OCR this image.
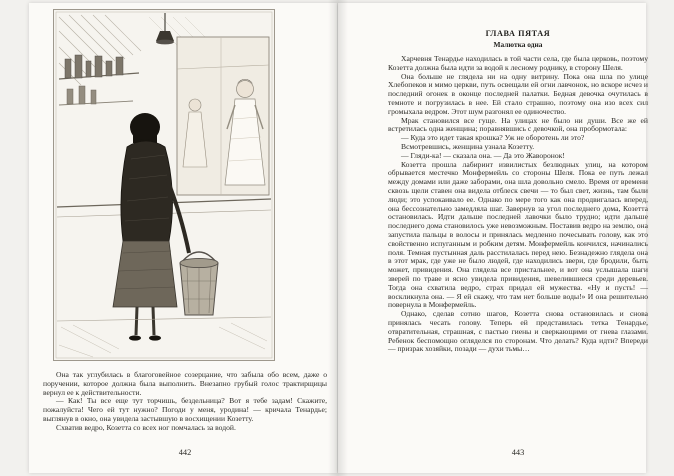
Она так углубилась в благоговейное созерцание, что забыла обо всем, даже о поручении, которое должна была выполнить. Внезапно грубый голос трактирщицы вернул ее к действительности.

— Как! Ты все еще тут торчишь, бездельница? Вот я тебе задам! Скажите, пожалуйста! Чего ей тут нужно? Погоди у меня, уродина! — кричала Тенардье; выглянув в окно, она увидела застывшую в восхищении Козетту.

Схватив ведро, Козетта со всех ног помчалась за водой.

442
ГЛАВА ПЯТАЯ
Малютка одна

Харчевня Тенардье находилась в той части села, где была церковь, поэтому Козетта должна была идти за водой к лесному роднику, в сторону Шеля.

Она больше не глядела ни на одну витрину. Пока она шла по улице Хлебопеков и мимо церкви, путь освещали ей огни лавчонок, но вскоре исчез и последний огонек в оконце последней палатки. Бедная девочка очутилась в темноте и погрузилась в нее. Ей стало страшно, поэтому она изо всех сил громыхала ведром. Этот шум разгонял ее одиночество.

Мрак становился все гуще. На улицах не было ни души. Все же ей встретилась одна женщина; поравнявшись с девочкой, она пробормотала:

— Куда это идет такая крошка? Уж не оборотень ли это?

Всмотревшись, женщина узнала Козетту.

— Гляди-ка! — сказала она. — Да это Жаворонок!

Козетта прошла лабиринт извилистых безлюдных улиц, на котором обрывается местечко Монфермейль со стороны Шеля. Пока ее путь лежал между домами или даже заборами, она шла довольно смело. Время от времени сквозь щели ставен она видела отблеск свечи — то был свет, жизнь, там были люди; это успокаивало ее. Однако по мере того как она продвигалась вперед, она бессознательно замедляла шаг. Завернув за угол последнего дома, Козетта остановилась. Идти дальше последней лавочки было трудно; идти дальше последнего дома становилось уже невозможным. Поставив ведро на землю, она запустила пальцы в волосы и принялась медленно почесывать голову, как это свойственно испуганным и робким детям. Монфермейль кончился, начинались поля. Темная пустынная даль расстилалась перед нею. Безнадежно глядела она в этот мрак, где уже не было людей, где находились звери, где бродили, быть может, привидения. Она глядела все пристальнее, и вот она услышала шаги зверей по траве и ясно увидела привидения, шевелившиеся среди деревьев. Тогда она схватила ведро, страх придал ей мужества. «Ну и пусть! — воскликнула она. — Я ей скажу, что там нет больше воды!» И она решительно повернула в Монфермейль.

Однако, сделав сотню шагов, Козетта снова остановилась и снова принялась чесать голову. Теперь ей представилась тетка Тенардье, отвратительная, страшная, с пастью гиены и сверкающими от гнева глазами. Ребенок беспомощно огляделся по сторонам. Что делать? Куда идти? Впереди — призрак хозяйки, позади — духи тьмы…

443
